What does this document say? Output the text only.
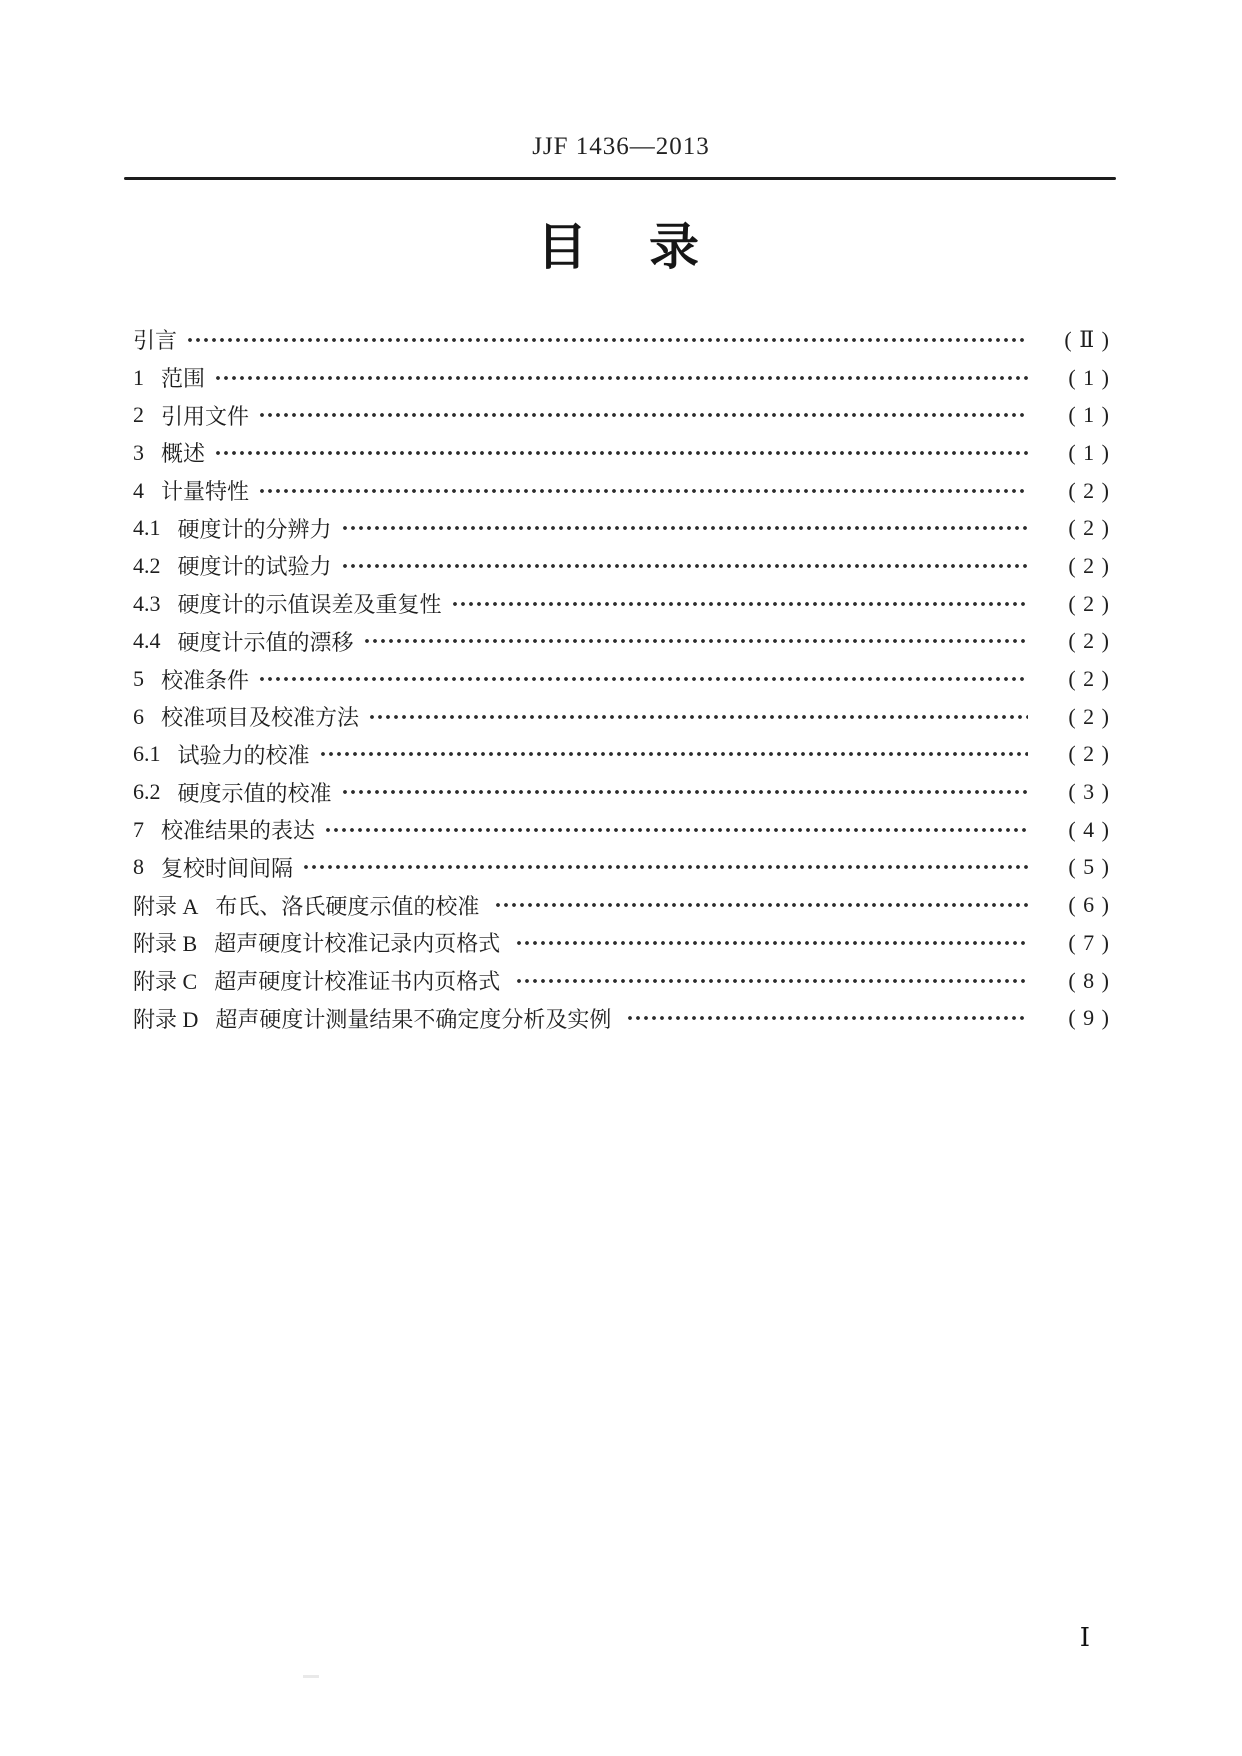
JJF 1436—2013
目　录
引言	( Ⅱ )
1 范围	( 1 )
2 引用文件	( 1 )
3 概述	( 1 )
4 计量特性	( 2 )
4.1 硬度计的分辨力	( 2 )
4.2 硬度计的试验力	( 2 )
4.3 硬度计的示值误差及重复性	( 2 )
4.4 硬度计示值的漂移	( 2 )
5 校准条件	( 2 )
6 校准项目及校准方法	( 2 )
6.1 试验力的校准	( 2 )
6.2 硬度示值的校准	( 3 )
7 校准结果的表达	( 4 )
8 复校时间间隔	( 5 )
附录 A 布氏、洛氏硬度示值的校准	( 6 )
附录 B 超声硬度计校准记录内页格式	( 7 )
附录 C 超声硬度计校准证书内页格式	( 8 )
附录 D 超声硬度计测量结果不确定度分析及实例	( 9 )
Ⅰ
